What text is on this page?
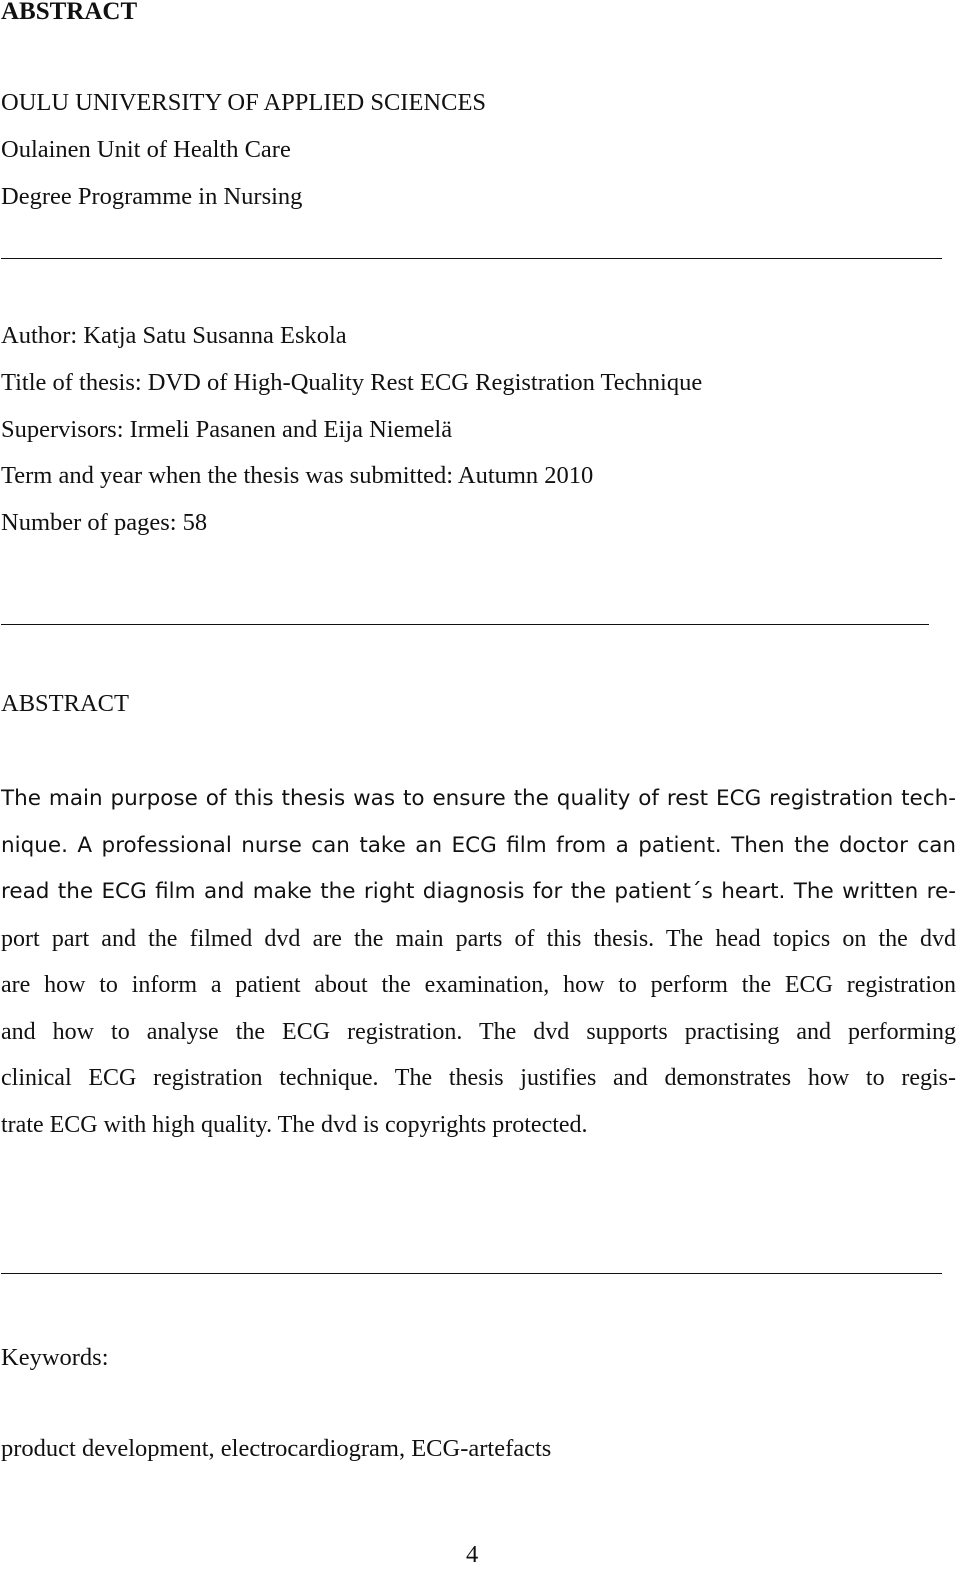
ABSTRACT
OULU UNIVERSITY OF APPLIED SCIENCES
Oulainen Unit of Health Care
Degree Programme in Nursing
Author: Katja Satu Susanna Eskola
Title of thesis: DVD of High-Quality Rest ECG Registration Technique
Supervisors: Irmeli Pasanen and Eija Niemelä
Term and year when the thesis was submitted: Autumn 2010
Number of pages: 58
ABSTRACT
The main purpose of this thesis was to ensure the quality of rest ECG registration tech-
nique. A professional nurse can take an ECG film from a patient. Then the doctor can
read the ECG film and make the right diagnosis for the patient´s heart. The written re-
port part and the filmed dvd are the main parts of this thesis. The head topics on the dvd
are how to inform a patient about the examination, how to perform the ECG registration
and how to analyse the ECG registration. The dvd supports practising and performing
clinical ECG registration technique. The thesis justifies and demonstrates how to regis-
trate ECG with high quality. The dvd is copyrights protected.
Keywords:
product development, electrocardiogram, ECG-artefacts
4
